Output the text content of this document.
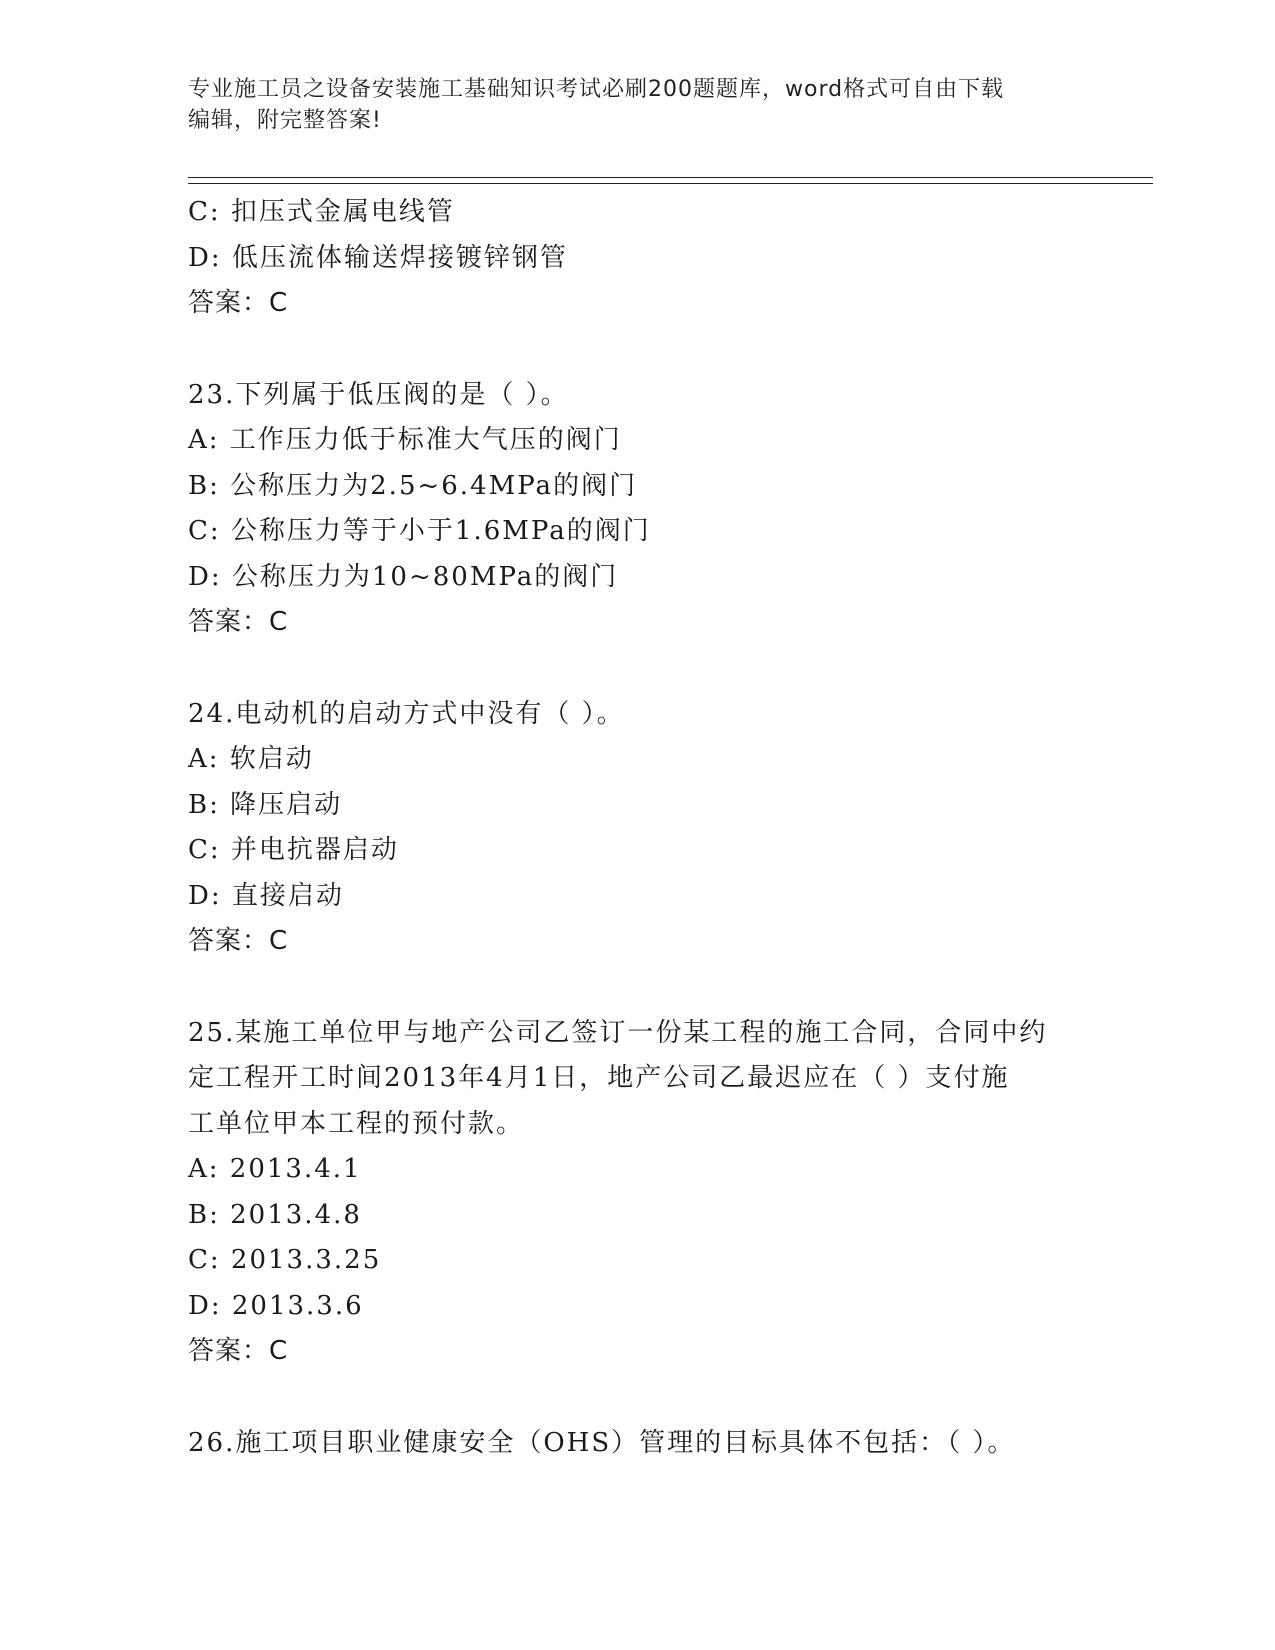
专业施工员之设备安装施工基础知识考试必刷200题题库，word格式可自由下载
编辑，附完整答案!
C: 扣压式金属电线管
D: 低压流体输送焊接镀锌钢管
答案：C
23.下列属于低压阀的是（ ）。
A: 工作压力低于标准大气压的阀门
B: 公称压力为2.5~6.4MPa的阀门
C: 公称压力等于小于1.6MPa的阀门
D: 公称压力为10~80MPa的阀门
答案：C
24.电动机的启动方式中没有（ ）。
A: 软启动
B: 降压启动
C: 并电抗器启动
D: 直接启动
答案：C
25.某施工单位甲与地产公司乙签订一份某工程的施工合同，合同中约
定工程开工时间2013年4月1日，地产公司乙最迟应在（ ）支付施
工单位甲本工程的预付款。
A: 2013.4.1
B: 2013.4.8
C: 2013.3.25
D: 2013.3.6
答案：C
26.施工项目职业健康安全（OHS）管理的目标具体不包括：（ ）。
